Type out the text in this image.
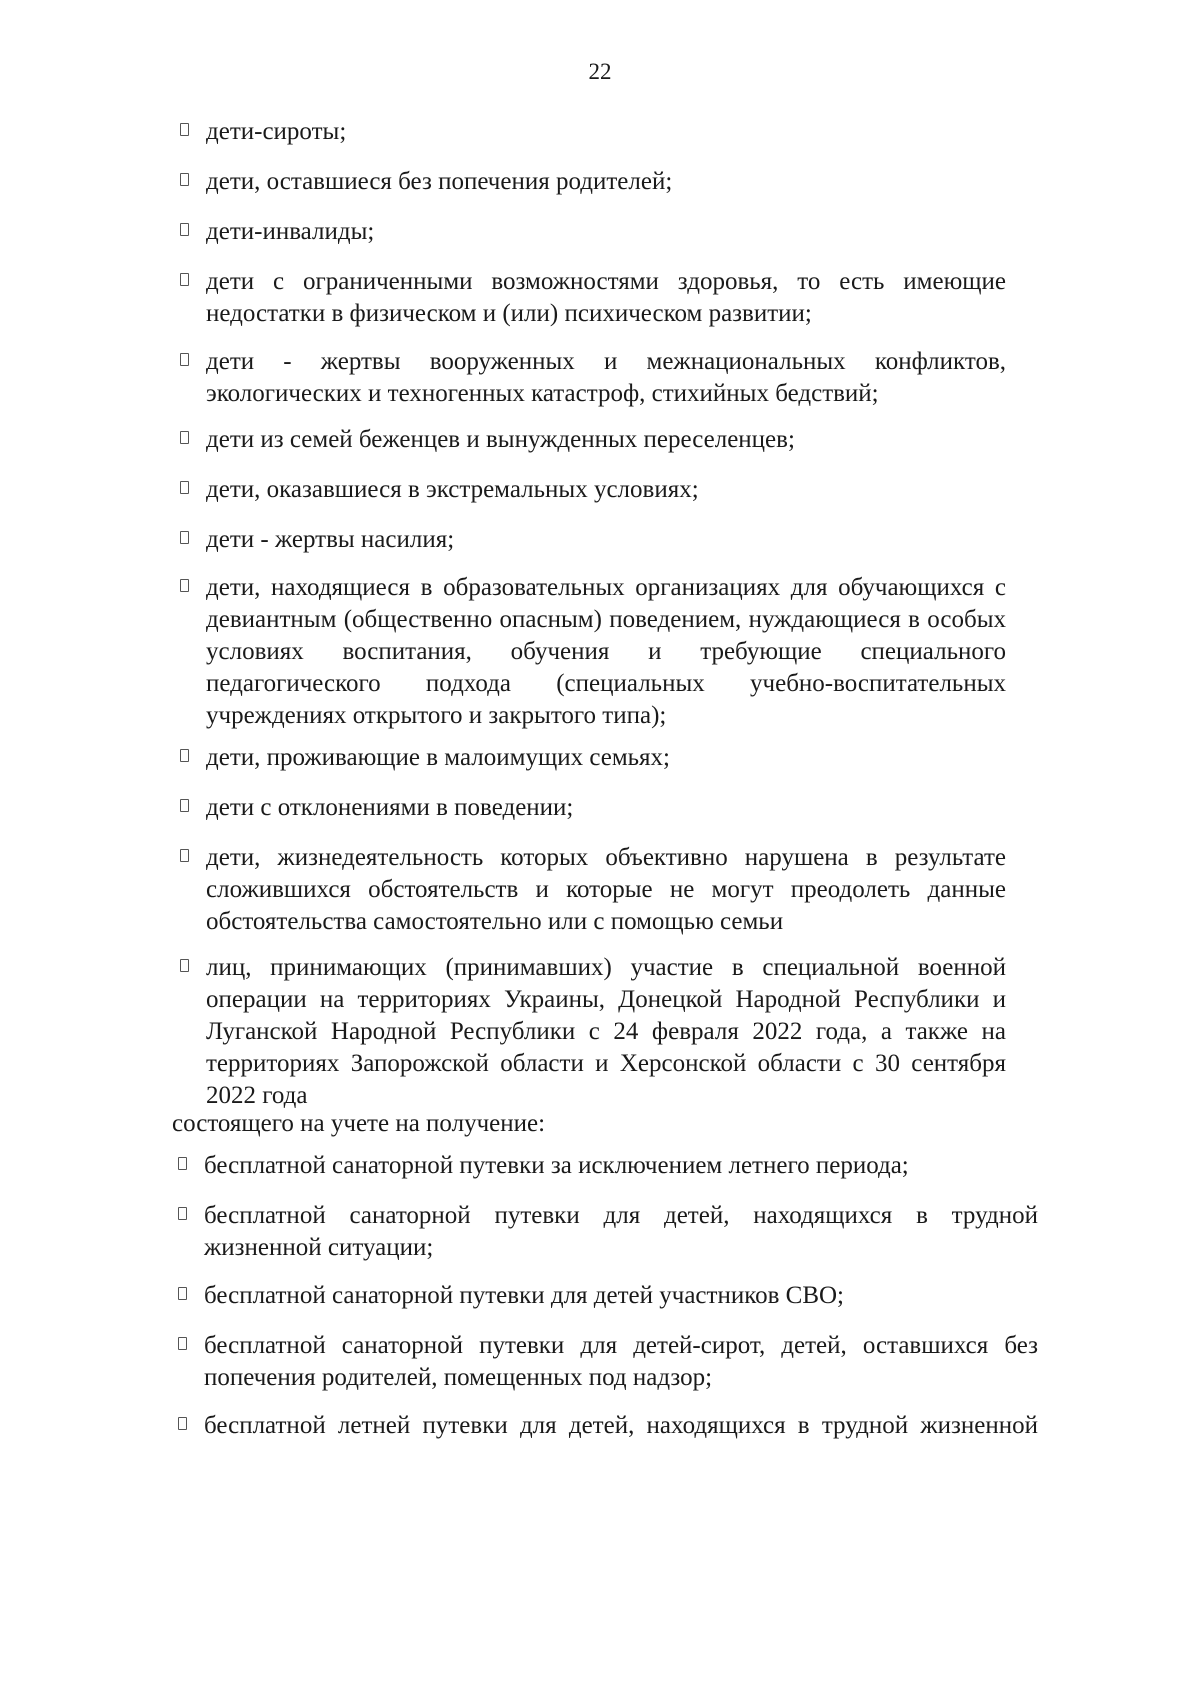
22
дети-сироты;
дети, оставшиеся без попечения родителей;
дети-инвалиды;
дети с ограниченными возможностями здоровья, то есть имеющие недостатки в физическом и (или) психическом развитии;
дети - жертвы вооруженных и межнациональных конфликтов, экологических и техногенных катастроф, стихийных бедствий;
дети из семей беженцев и вынужденных переселенцев;
дети, оказавшиеся в экстремальных условиях;
дети - жертвы насилия;
дети, находящиеся в образовательных организациях для обучающихся с девиантным (общественно опасным) поведением, нуждающиеся в особых условиях воспитания, обучения и требующие специального педагогического подхода (специальных учебно-воспитательных учреждениях открытого и закрытого типа);
дети, проживающие в малоимущих семьях;
дети с отклонениями в поведении;
дети, жизнедеятельность которых объективно нарушена в результате сложившихся обстоятельств и которые не могут преодолеть данные обстоятельства самостоятельно или с помощью семьи
лиц, принимающих (принимавших) участие в специальной военной операции на территориях Украины, Донецкой Народной Республики и Луганской Народной Республики с 24 февраля 2022 года, а также на территориях Запорожской области и Херсонской области с 30 сентября 2022 года
состоящего на учете на получение:
бесплатной санаторной путевки за исключением летнего периода;
бесплатной санаторной путевки для детей, находящихся в трудной жизненной ситуации;
бесплатной санаторной путевки для детей участников СВО;
бесплатной санаторной путевки для детей-сирот, детей, оставшихся без попечения родителей, помещенных под надзор;
бесплатной летней путевки для детей, находящихся в трудной жизненной
